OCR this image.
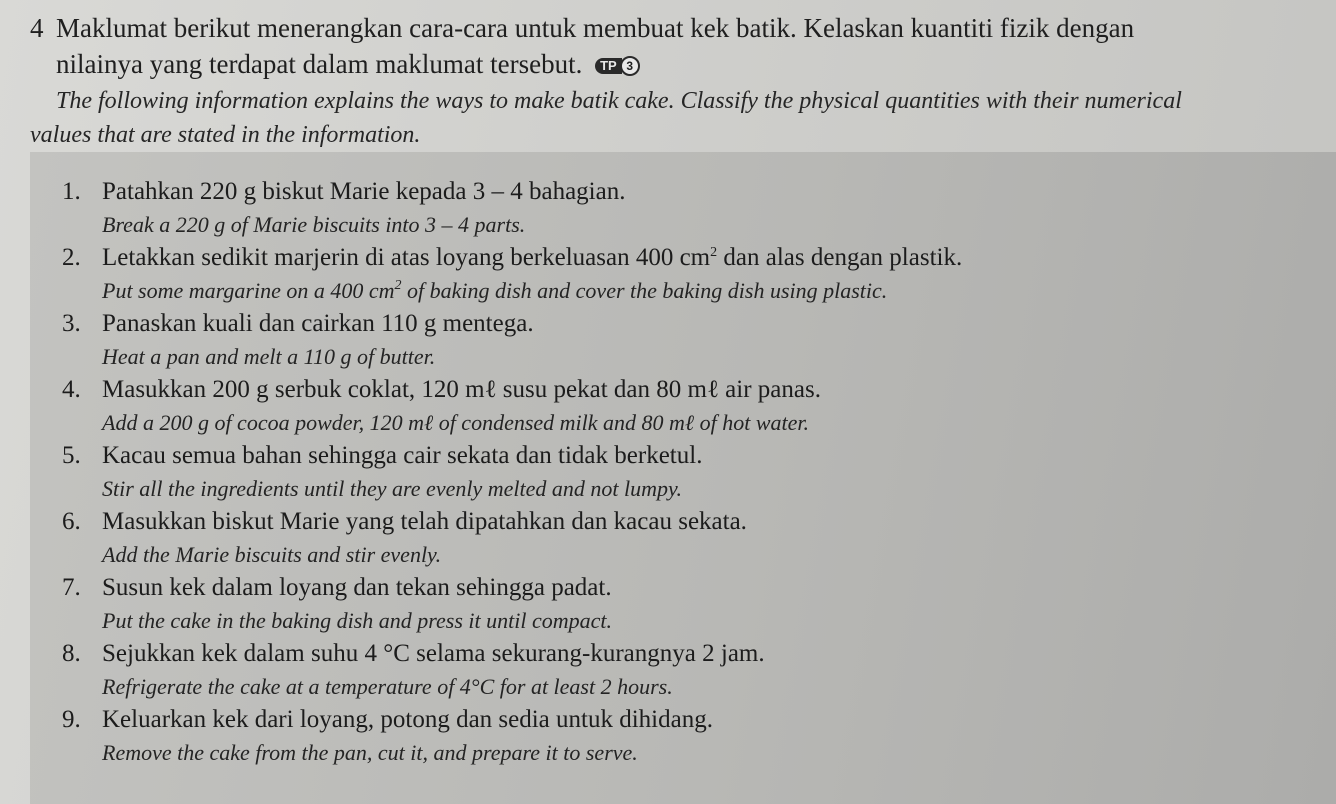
4 Maklumat berikut menerangkan cara-cara untuk membuat kek batik. Kelaskan kuantiti fizik dengan
nilainya yang terdapat dalam maklumat tersebut.	TP 3
The following information explains the ways to make batik cake. Classify the physical quantities with their numerical
values that are stated in the information.
1. Patahkan 220 g biskut Marie kepada 3 – 4 bahagian.
Break a 220 g of Marie biscuits into 3 – 4 parts.
2. Letakkan sedikit marjerin di atas loyang berkeluasan 400 $cm^2$ dan alas dengan plastik.
Put some margarine on a 400 $cm^2$ of baking dish and cover the baking dish using plastic.
3. Panaskan kuali dan cairkan 110 g mentega.
Heat a pan and melt a 110 g of butter.
4. Masukkan 200 g serbuk coklat, 120 mℓ susu pekat dan 80 mℓ air panas.
Add a 200 g of cocoa powder, 120 mℓ of condensed milk and 80 mℓ of hot water.
5. Kacau semua bahan sehingga cair sekata dan tidak berketul.
Stir all the ingredients until they are evenly melted and not lumpy.
6. Masukkan biskut Marie yang telah dipatahkan dan kacau sekata.
Add the Marie biscuits and stir evenly.
7. Susun kek dalam loyang dan tekan sehingga padat.
Put the cake in the baking dish and press it until compact.
8. Sejukkan kek dalam suhu 4 °C selama sekurang-kurangnya 2 jam.
Refrigerate the cake at a temperature of 4°C for at least 2 hours.
9. Keluarkan kek dari loyang, potong dan sedia untuk dihidang.
Remove the cake from the pan, cut it, and prepare it to serve.
